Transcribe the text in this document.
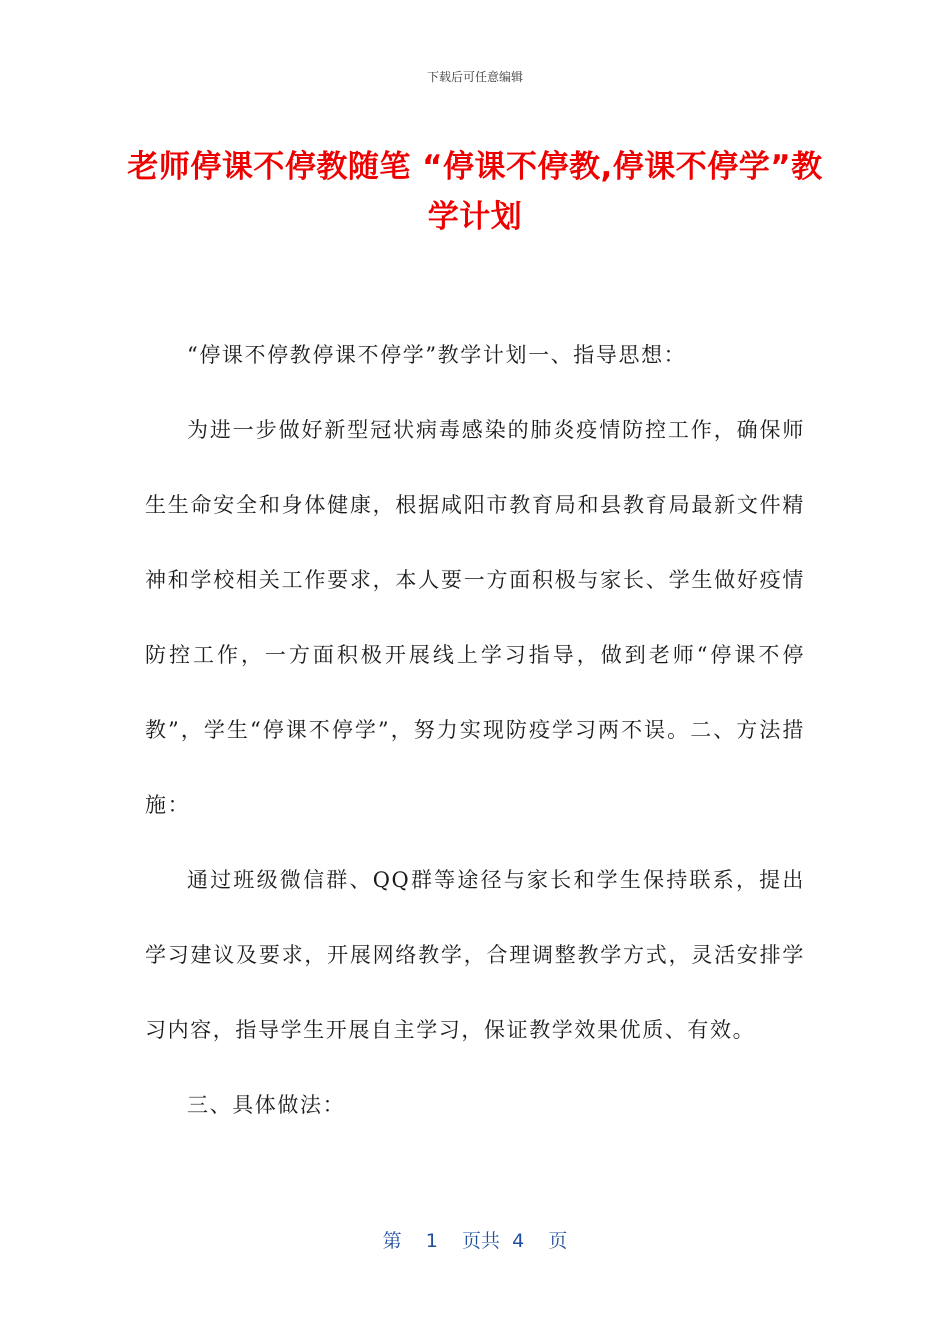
下载后可任意编辑
老师停课不停教随笔 “停课不停教,停课不停学”教学计划

“停课不停教停课不停学”教学计划一、指导思想：

为进一步做好新型冠状病毒感染的肺炎疫情防控工作，确保师生生命安全和身体健康，根据咸阳市教育局和县教育局最新文件精神和学校相关工作要求，本人要一方面积极与家长、学生做好疫情防控工作，一方面积极开展线上学习指导，做到老师“停课不停教”，学生“停课不停学”，努力实现防疫学习两不误。二、方法措施：

通过班级微信群、QQ群等途径与家长和学生保持联系，提出学习建议及要求，开展网络教学，合理调整教学方式，灵活安排学习内容，指导学生开展自主学习，保证教学效果优质、有效。

三、具体做法：

第 1 页共 4 页
